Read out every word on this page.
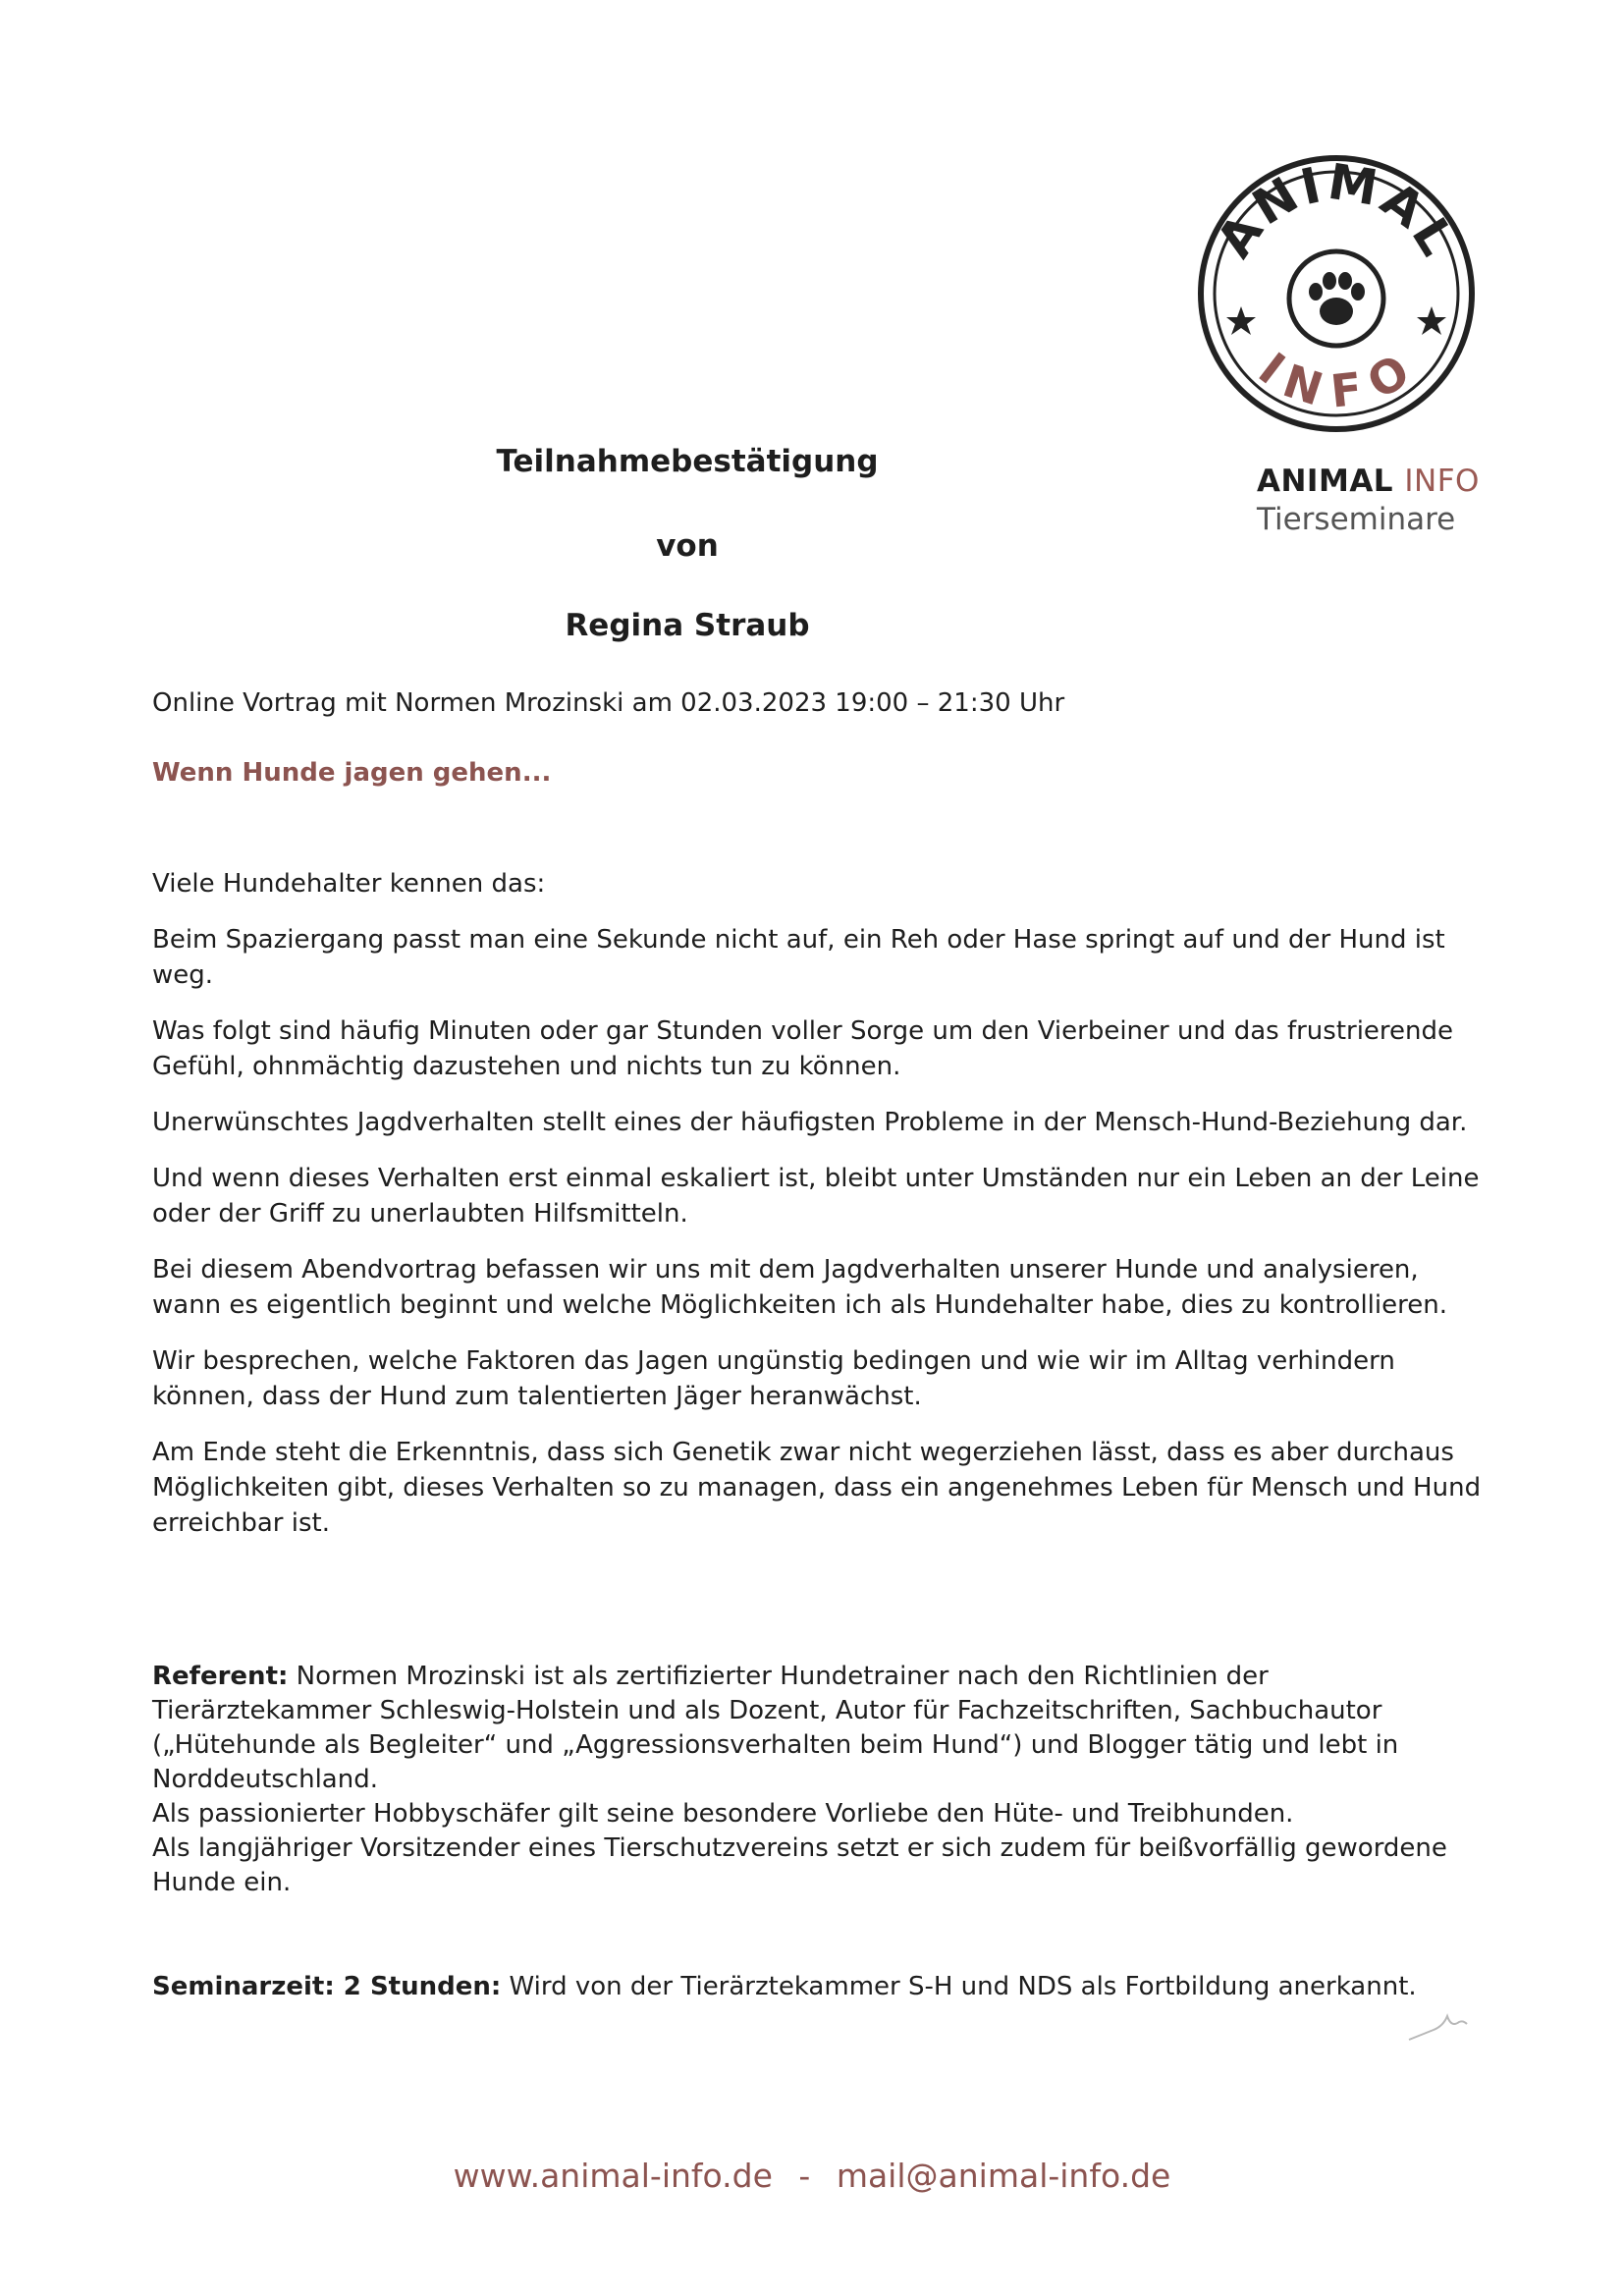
ANIMAL
INFO
ANIMAL INFO
Tierseminare
Teilnahmebestätigung
von
Regina Straub
Online Vortrag mit Normen Mrozinski am 02.03.2023 19:00 – 21:30 Uhr
Wenn Hunde jagen gehen...

Viele Hundehalter kennen das:

Beim Spaziergang passt man eine Sekunde nicht auf, ein Reh oder Hase springt auf und der Hund ist weg.

Was folgt sind häufig Minuten oder gar Stunden voller Sorge um den Vierbeiner und das frustrierende Gefühl, ohnmächtig dazustehen und nichts tun zu können.

Unerwünschtes Jagdverhalten stellt eines der häufigsten Probleme in der Mensch-Hund-Beziehung dar.

Und wenn dieses Verhalten erst einmal eskaliert ist, bleibt unter Umständen nur ein Leben an der Leine oder der Griff zu unerlaubten Hilfsmitteln.

Bei diesem Abendvortrag befassen wir uns mit dem Jagdverhalten unserer Hunde und analysieren, wann es eigentlich beginnt und welche Möglichkeiten ich als Hundehalter habe, dies zu kontrollieren.

Wir besprechen, welche Faktoren das Jagen ungünstig bedingen und wie wir im Alltag verhindern können, dass der Hund zum talentierten Jäger heranwächst.

Am Ende steht die Erkenntnis, dass sich Genetik zwar nicht wegerziehen lässt, dass es aber durchaus Möglichkeiten gibt, dieses Verhalten so zu managen, dass ein angenehmes Leben für Mensch und Hund erreichbar ist.

Referent: Normen Mrozinski ist als zertifizierter Hundetrainer nach den Richtlinien der Tierärztekammer Schleswig-Holstein und als Dozent, Autor für Fachzeitschriften, Sachbuchautor („Hütehunde als Begleiter“ und „Aggressionsverhalten beim Hund“) und Blogger tätig und lebt in Norddeutschland.

Als passionierter Hobbyschäfer gilt seine besondere Vorliebe den Hüte- und Treibhunden.

Als langjähriger Vorsitzender eines Tierschutzvereins setzt er sich zudem für beißvorfällig gewordene Hunde ein.

Seminarzeit: 2 Stunden: Wird von der Tierärztekammer S-H und NDS als Fortbildung anerkannt.
www.animal-info.de - mail@animal-info.de
